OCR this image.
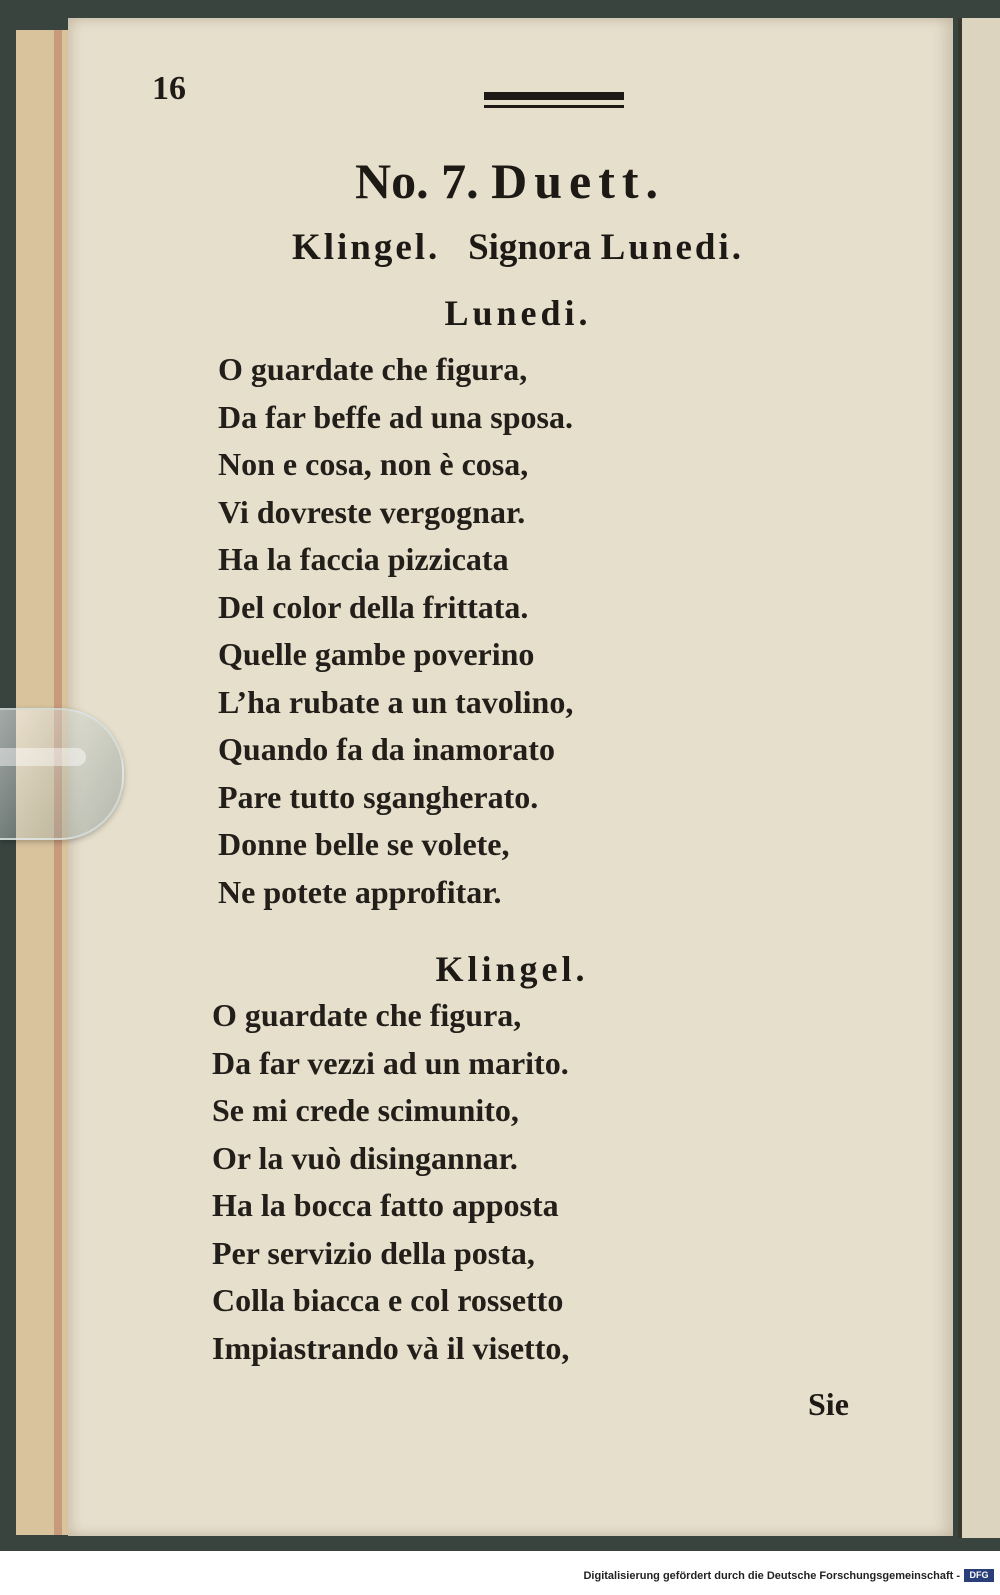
16

No. 7. Duett.
Klingel. Signora Lunedi.
Lunedi.
O guardate che figura,
Da far beffe ad una sposa.
Non e cosa, non è cosa,
Vi dovreste vergognar.
Ha la faccia pizzicata
Del color della frittata.
Quelle gambe poverino
L’ha rubate a un tavolino,
Quando fa da inamorato
Pare tutto sgangherato.
Donne belle se volete,
Ne potete approfitar.
Klingel.
O guardate che figura,
Da far vezzi ad un marito.
Se mi crede scimunito,
Or la vuò disingannar.
Ha la bocca fatto apposta
Per servizio della posta,
Colla biacca e col rossetto
Impiastrando và il visetto,
Sie
Digitalisierung gefördert durch die Deutsche Forschungsgemeinschaft -	DFG
